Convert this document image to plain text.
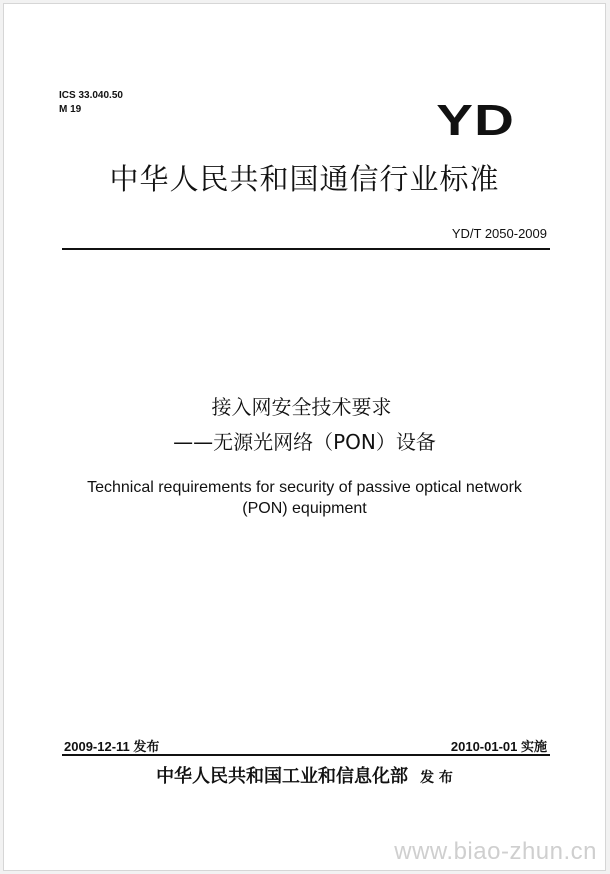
ICS 33.040.50
M 19	YD
中华人民共和国通信行业标准
YD/T 2050-2009
接入网安全技术要求
——无源光网络（PON）设备
Technical requirements for security of passive optical network
(PON) equipment
2009-12-11 发布	2010-01-01 实施
中华人民共和国工业和信息化部 发 布
www.biao-zhun.cn
